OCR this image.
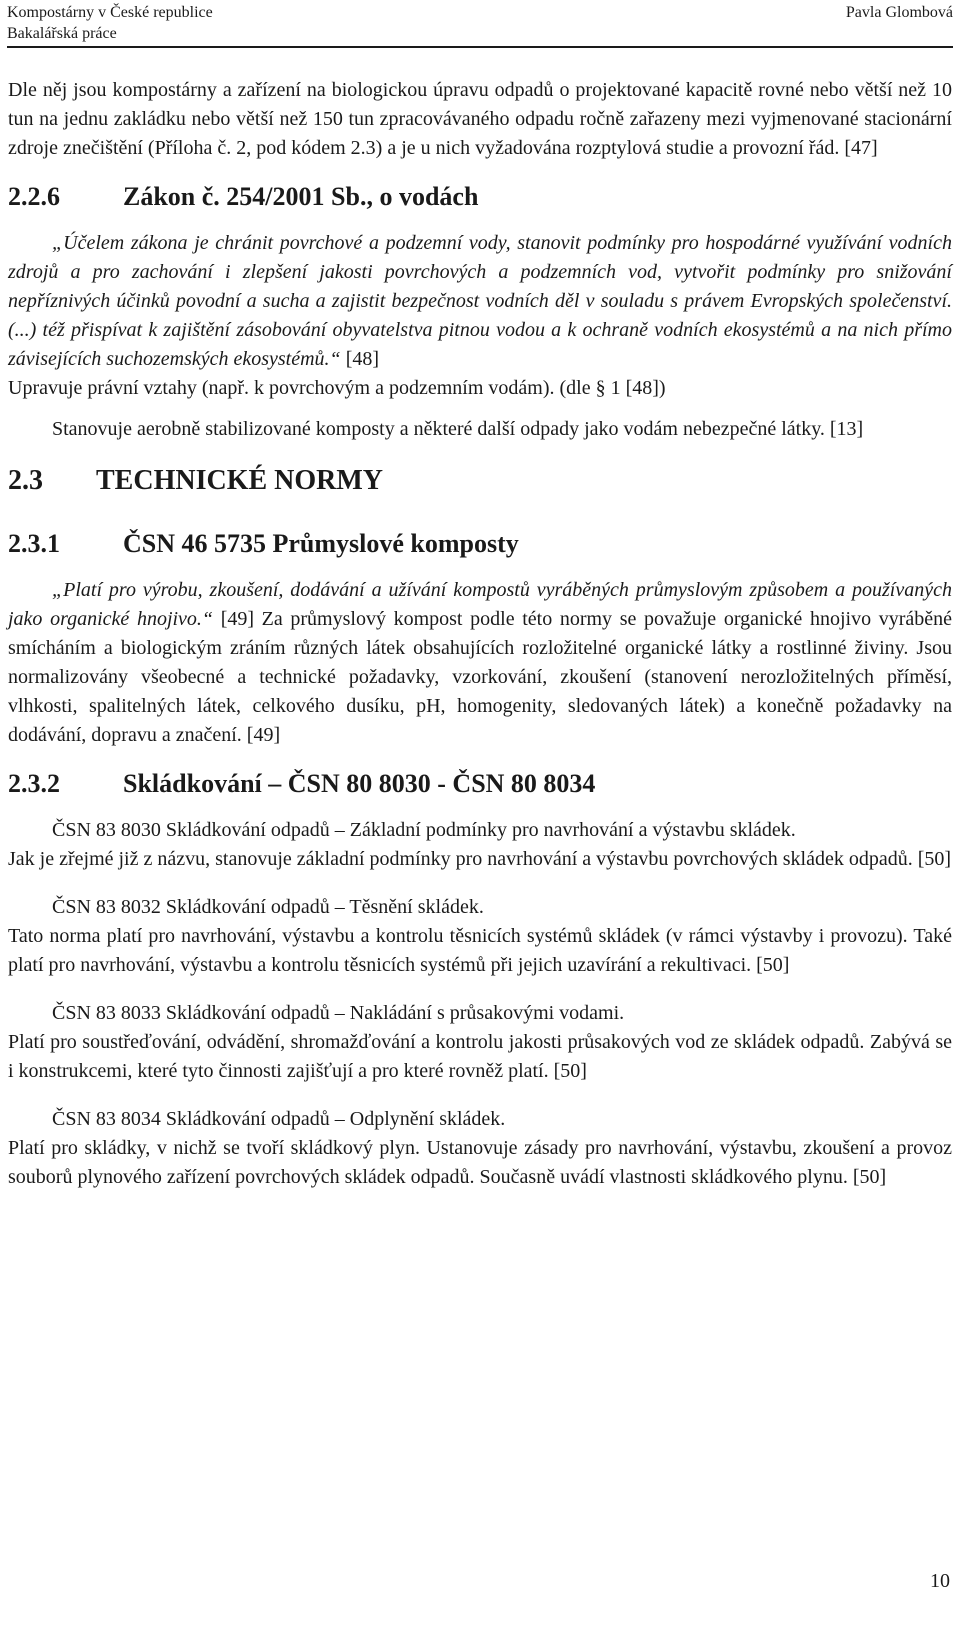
Kompostárny v České republice
Bakalářská práce
Pavla Glombová

Dle něj jsou kompostárny a zařízení na biologickou úpravu odpadů o projektované kapacitě rovné nebo větší než 10 tun na jednu zakládku nebo větší než 150 tun zpracovávaného odpadu ročně zařazeny mezi vyjmenované stacionární zdroje znečištění (Příloha č. 2, pod kódem 2.3) a je u nich vyžadována rozptylová studie a provozní řád. [47]

2.2.6	Zákon č. 254/2001 Sb., o vodách

„Účelem zákona je chránit povrchové a podzemní vody, stanovit podmínky pro hospodárné využívání vodních zdrojů a pro zachování i zlepšení jakosti povrchových a podzemních vod, vytvořit podmínky pro snižování nepříznivých účinků povodní a sucha a zajistit bezpečnost vodních děl v souladu s právem Evropských společenství.(...) též přispívat k zajištění zásobování obyvatelstva pitnou vodou a k ochraně vodních ekosystémů a na nich přímo závisejících suchozemských ekosystémů.“ [48]

Upravuje právní vztahy (např. k povrchovým a podzemním vodám). (dle § 1 [48])

Stanovuje aerobně stabilizované komposty a některé další odpady jako vodám nebezpečné látky. [13]

2.3	TECHNICKÉ NORMY
2.3.1	ČSN 46 5735 Průmyslové komposty

„Platí pro výrobu, zkoušení, dodávání a užívání kompostů vyráběných průmyslovým způsobem a používaných jako organické hnojivo.“ [49] Za průmyslový kompost podle této normy se považuje organické hnojivo vyráběné smícháním a biologickým zráním různých látek obsahujících rozložitelné organické látky a rostlinné živiny. Jsou normalizovány všeobecné a technické požadavky, vzorkování, zkoušení (stanovení nerozložitelných příměsí, vlhkosti, spalitelných látek, celkového dusíku, pH, homogenity, sledovaných látek) a konečně požadavky na dodávání, dopravu a značení. [49]

2.3.2	Skládkování – ČSN 80 8030 - ČSN 80 8034

ČSN 83 8030 Skládkování odpadů – Základní podmínky pro navrhování a výstavbu skládek.

Jak je zřejmé již z názvu, stanovuje základní podmínky pro navrhování a výstavbu povrchových skládek odpadů. [50]

ČSN 83 8032 Skládkování odpadů – Těsnění skládek.

Tato norma platí pro navrhování, výstavbu a kontrolu těsnicích systémů skládek (v rámci výstavby i provozu). Také platí pro navrhování, výstavbu a kontrolu těsnicích systémů při jejich uzavírání a rekultivaci. [50]

ČSN 83 8033 Skládkování odpadů – Nakládání s průsakovými vodami.

Platí pro soustřeďování, odvádění, shromažďování a kontrolu jakosti průsakových vod ze skládek odpadů. Zabývá se i konstrukcemi, které tyto činnosti zajišťují a pro které rovněž platí. [50]

ČSN 83 8034 Skládkování odpadů – Odplynění skládek.

Platí pro skládky, v nichž se tvoří skládkový plyn. Ustanovuje zásady pro navrhování, výstavbu, zkoušení a provoz souborů plynového zařízení povrchových skládek odpadů. Současně uvádí vlastnosti skládkového plynu. [50]

10
